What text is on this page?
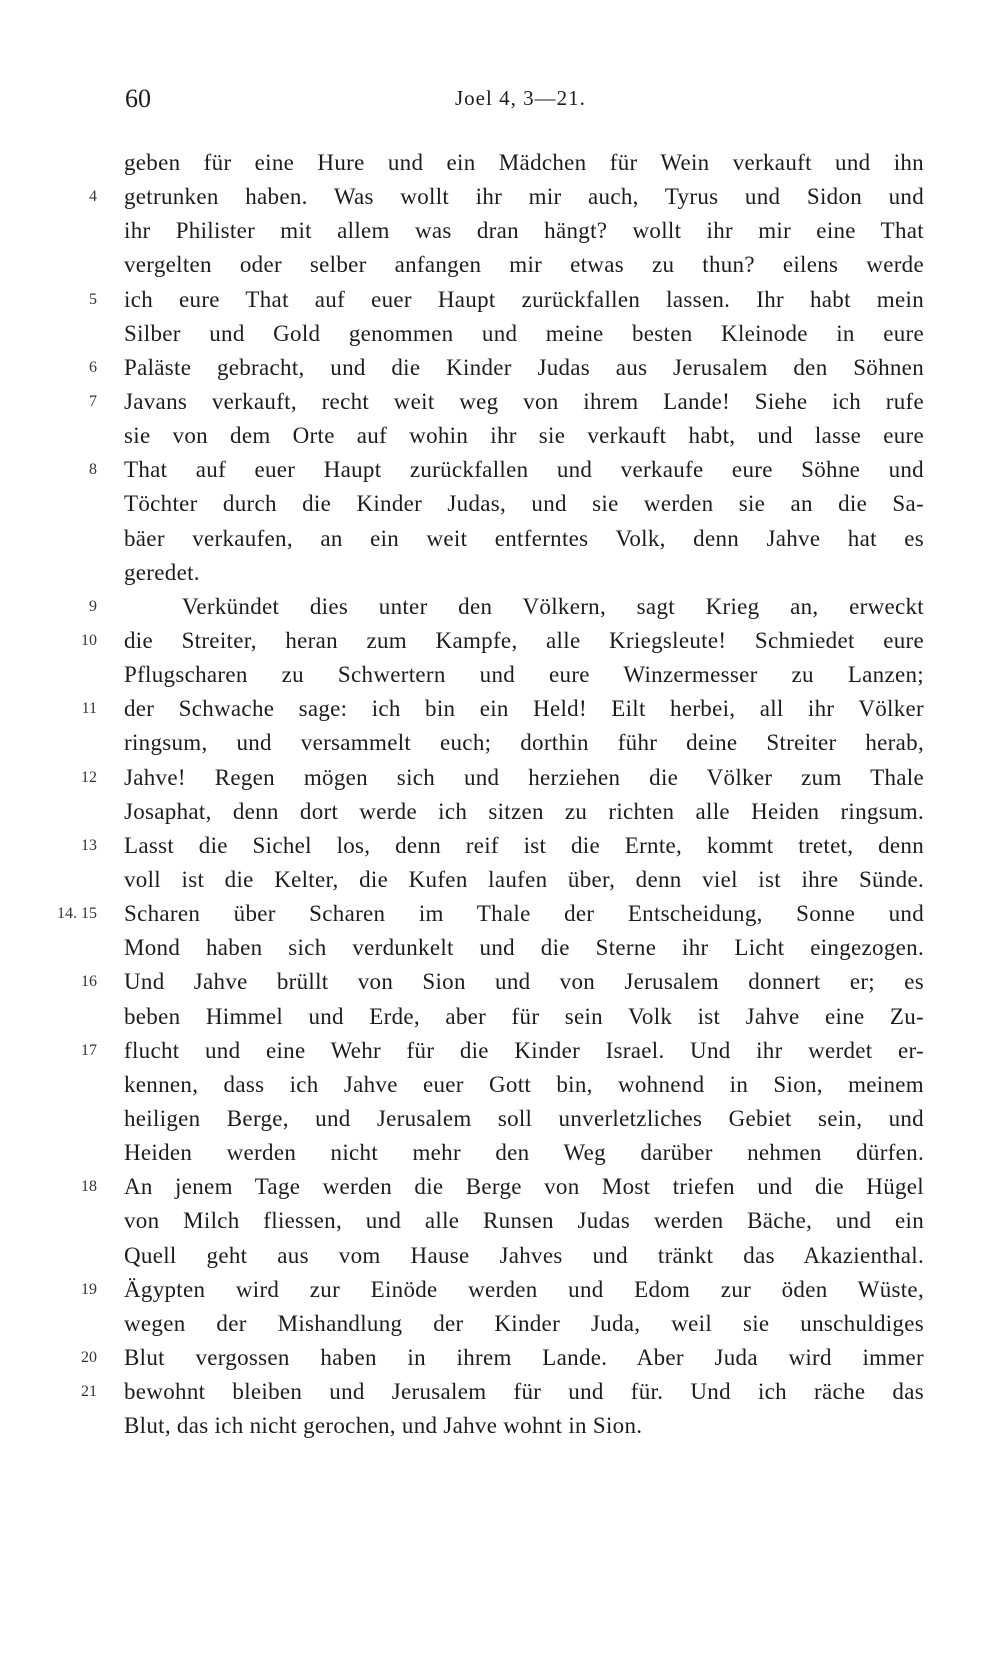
60	Joel 4, 3—21.
geben für eine Hure und ein Mädchen für Wein verkauft und ihn
4 getrunken haben. Was wollt ihr mir auch, Tyrus und Sidon und
ihr Philister mit allem was dran hängt? wollt ihr mir eine That
vergelten oder selber anfangen mir etwas zu thun? eilens werde
5 ich eure That auf euer Haupt zurückfallen lassen. Ihr habt mein
Silber und Gold genommen und meine besten Kleinode in eure
6 Paläste gebracht, und die Kinder Judas aus Jerusalem den Söhnen
7 Javans verkauft, recht weit weg von ihrem Lande! Siehe ich rufe
sie von dem Orte auf wohin ihr sie verkauft habt, und lasse eure
8 That auf euer Haupt zurückfallen und verkaufe eure Söhne und
Töchter durch die Kinder Judas, und sie werden sie an die Sa-
bäer verkaufen, an ein weit entferntes Volk, denn Jahve hat es
geredet.
9	Verkündet dies unter den Völkern, sagt Krieg an, erweckt
10 die Streiter, heran zum Kampfe, alle Kriegsleute! Schmiedet eure
Pflugscharen zu Schwertern und eure Winzermesser zu Lanzen;
11 der Schwache sage: ich bin ein Held! Eilt herbei, all ihr Völker
ringsum, und versammelt euch; dorthin führ deine Streiter herab,
12 Jahve! Regen mögen sich und herziehen die Völker zum Thale
Josaphat, denn dort werde ich sitzen zu richten alle Heiden ringsum.
13 Lasst die Sichel los, denn reif ist die Ernte, kommt tretet, denn
voll ist die Kelter, die Kufen laufen über, denn viel ist ihre Sünde.
14. 15 Scharen über Scharen im Thale der Entscheidung, Sonne und
Mond haben sich verdunkelt und die Sterne ihr Licht eingezogen.
16 Und Jahve brüllt von Sion und von Jerusalem donnert er; es
beben Himmel und Erde, aber für sein Volk ist Jahve eine Zu-
17 flucht und eine Wehr für die Kinder Israel. Und ihr werdet er-
kennen, dass ich Jahve euer Gott bin, wohnend in Sion, meinem
heiligen Berge, und Jerusalem soll unverletzliches Gebiet sein, und
Heiden werden nicht mehr den Weg darüber nehmen dürfen.
18 An jenem Tage werden die Berge von Most triefen und die Hügel
von Milch fliessen, und alle Runsen Judas werden Bäche, und ein
Quell geht aus vom Hause Jahves und tränkt das Akazienthal.
19 Ägypten wird zur Einöde werden und Edom zur öden Wüste,
wegen der Mishandlung der Kinder Juda, weil sie unschuldiges
20 Blut vergossen haben in ihrem Lande. Aber Juda wird immer
21 bewohnt bleiben und Jerusalem für und für. Und ich räche das
Blut, das ich nicht gerochen, und Jahve wohnt in Sion.
